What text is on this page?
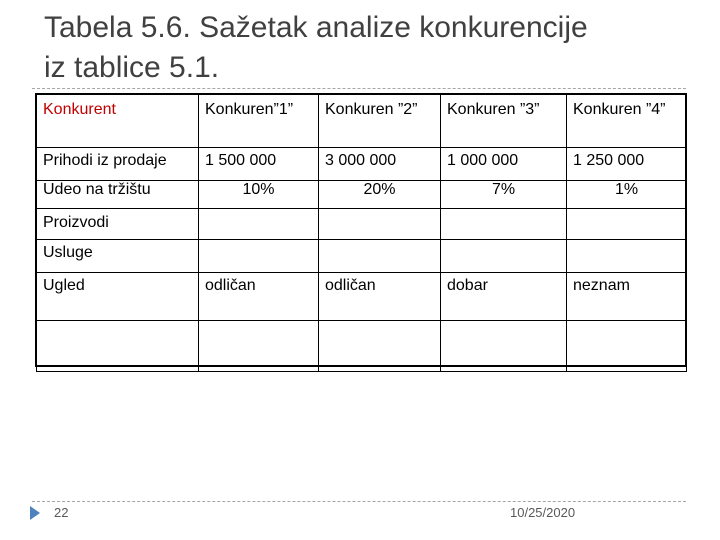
Tabela 5.6. Sažetak analize konkurencije
iz tablice 5.1.
Konkurent	Konkuren”1”	Konkuren ”2”	Konkuren ”3”	Konkuren ”4”
Prihodi iz prodaje	1 500 000	3 000 000	1 000 000	1 250 000
Udeo na tržištu	10%	20%	7%	1%
Proizvodi				
Usluge				
Ugled	odličan	odličan	dobar	neznam

22	10/25/2020
